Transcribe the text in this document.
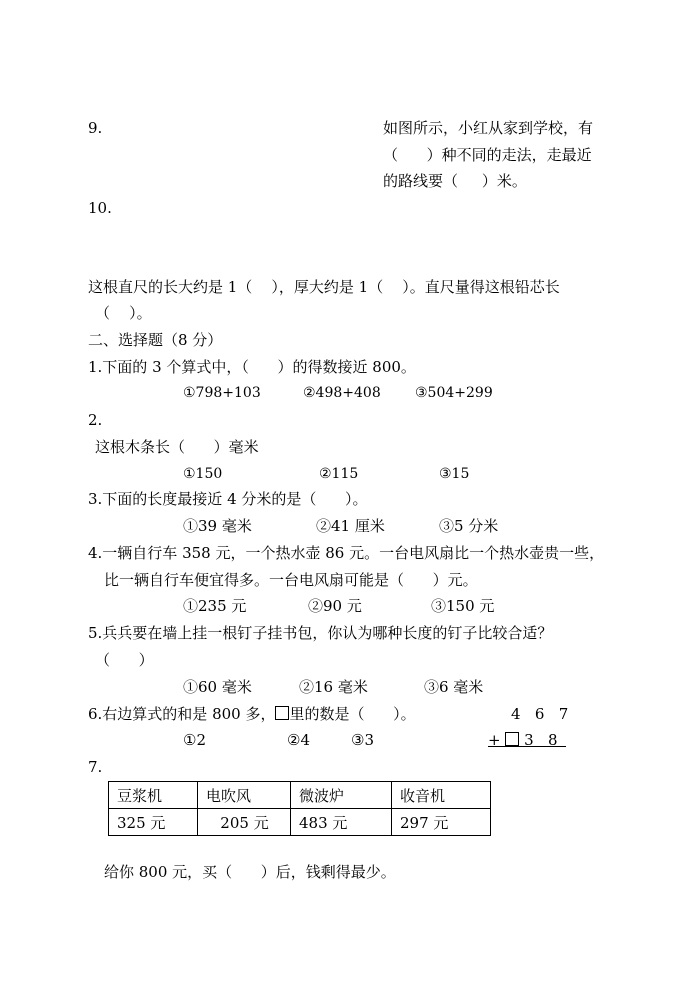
9.	如图所示，小红从家到学校，有
（      ）种不同的走法，走最近
的路线要（     ）米。
10.
这根直尺的长大约是 1（    ），厚大约是 1（    ）。直尺量得这根铅芯长
（    ）。
二、选择题（8 分）
1.下面的 3 个算式中，（      ）的得数接近 800。
①798+103	②498+408 ③504+299
2.
这根木条长（      ）毫米
①150	②115	③15
3.下面的长度最接近 4 分米的是（      ）。
①39 毫米	②41 厘米	③5 分米
4.一辆自行车 358 元，一个热水壶 86 元。一台电风扇比一个热水壶贵一些，
比一辆自行车便宜得多。一台电风扇可能是（      ）元。
①235 元	②90 元	③150 元
5.兵兵要在墙上挂一根钉子挂书包，你认为哪种长度的钉子比较合适？
（      ）
①60 毫米	②16 毫米	③6 毫米
6.右边算式的和是 800 多， 里的数是（      ）。
①2	②4	③3
4   6   7
+  3   8
7.
豆浆机	电吹风	微波炉	收音机
325 元	205 元	483 元	297 元
给你 800 元，买（      ）后，钱剩得最少。
